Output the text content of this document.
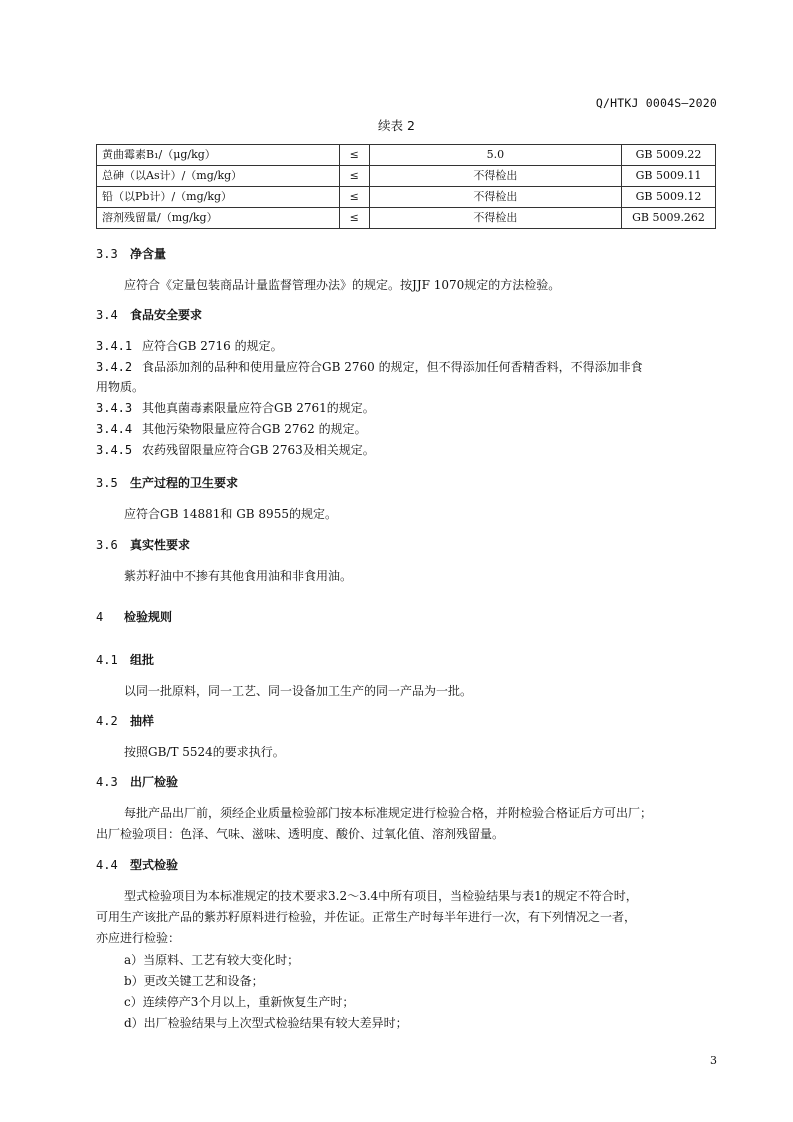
Q/HTKJ 0004S—2020
续表 2
黄曲霉素B₁/（μg/kg）	≤	5.0	GB 5009.22
总砷（以As计）/（mg/kg）	≤	不得检出	GB 5009.11
铅（以Pb计）/（mg/kg）	≤	不得检出	GB 5009.12
溶剂残留量/（mg/kg）	≤	不得检出	GB 5009.262
3.3 净含量
应符合《定量包装商品计量监督管理办法》的规定。按JJF 1070规定的方法检验。
3.4 食品安全要求
3.4.1 应符合GB 2716 的规定。
3.4.2 食品添加剂的品种和使用量应符合GB 2760 的规定，但不得添加任何香精香料，不得添加非食
用物质。
3.4.3 其他真菌毒素限量应符合GB 2761的规定。
3.4.4 其他污染物限量应符合GB 2762 的规定。
3.4.5 农药残留限量应符合GB 2763及相关规定。
3.5 生产过程的卫生要求
应符合GB 14881和 GB 8955的规定。
3.6 真实性要求
紫苏籽油中不掺有其他食用油和非食用油。
4 检验规则
4.1 组批
以同一批原料，同一工艺、同一设备加工生产的同一产品为一批。
4.2 抽样
按照GB/T 5524的要求执行。
4.3 出厂检验
每批产品出厂前，须经企业质量检验部门按本标准规定进行检验合格，并附检验合格证后方可出厂；
出厂检验项目：色泽、气味、滋味、透明度、酸价、过氧化值、溶剂残留量。
4.4 型式检验
型式检验项目为本标准规定的技术要求3.2～3.4中所有项目，当检验结果与表1的规定不符合时，
可用生产该批产品的紫苏籽原料进行检验，并佐证。正常生产时每半年进行一次，有下列情况之一者，
亦应进行检验：
a）当原料、工艺有较大变化时；
b）更改关键工艺和设备；
c）连续停产3个月以上，重新恢复生产时；
d）出厂检验结果与上次型式检验结果有较大差异时；
3
